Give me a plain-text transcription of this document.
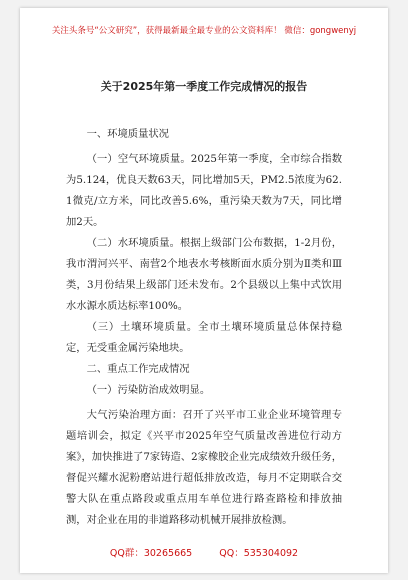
关注头条号“公文研究”，获得最新最全最专业的公文资料库！ 微信：gongwenyj
关于2025年第一季度工作完成情况的报告
一、环境质量状况

（一）空气环境质量。2025年第一季度，全市综合指数为5.124，优良天数63天，同比增加5天，PM2.5浓度为62.1微克/立方米，同比改善5.6%，重污染天数为7天，同比增加2天。

（二）水环境质量。根据上级部门公布数据，1-2月份，我市渭河兴平、南营2个地表水考核断面水质分别为Ⅱ类和Ⅲ类，3月份结果上级部门还未发布。2个县级以上集中式饮用水水源水质达标率100%。

（三）土壤环境质量。全市土壤环境质量总体保持稳定，无受重金属污染地块。

二、重点工作完成情况
（一）污染防治成效明显。

大气污染治理方面：召开了兴平市工业企业环境管理专题培训会，拟定《兴平市2025年空气质量改善进位行动方案》，加快推进了7家铸造、2家橡胶企业完成绩效升级任务，督促兴耀水泥粉磨站进行超低排放改造，每月不定期联合交警大队在重点路段或重点用车单位进行路查路检和排放抽测，对企业在用的非道路移动机械开展排放检测。

QQ群：30265665	QQ：535304092
